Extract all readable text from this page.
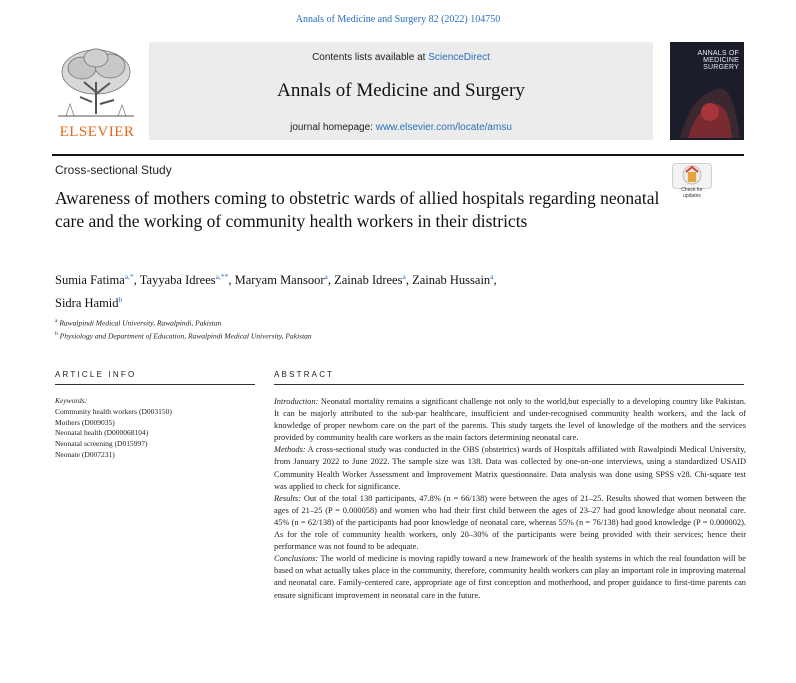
Annals of Medicine and Surgery 82 (2022) 104750
ELSEVIER
Contents lists available at ScienceDirect
Annals of Medicine and Surgery
journal homepage: www.elsevier.com/locate/amsu
ANNALS OF MEDICINE SURGERY
Cross-sectional Study
Check for updates
Awareness of mothers coming to obstetric wards of allied hospitals regarding neonatal care and the working of community health workers in their districts
Sumia Fatima$^{a,*}$, Tayyaba Idrees$^{a,**}$, Maryam Mansoor$^a$, Zainab Idrees$^a$, Zainab Hussain$^a$,
Sidra Hamid$^b$
$^a$ Rawalpindi Medical University, Rawalpindi, Pakistan
$^b$ Physiology and Department of Education, Rawalpindi Medical University, Pakistan
ARTICLE INFO	ABSTRACT
Keywords:
Community health workers (D003150)
Mothers (D009035)
Neonatal health (D000068104)
Neonatal screening (D015997)
Neonate (D007231)

Introduction: Neonatal mortality remains a significant challenge not only to the world,but especially to a developing country like Pakistan. It can be majorly attributed to the sub-par healthcare, insufficient and under-recognised community health workers, and the lack of knowledge of proper newborn care on the part of the parents. This study targets the level of knowledge of the mothers and the services provided by community health care workers as the main factors determining neonatal care.

Methods: A cross-sectional study was conducted in the OBS (obstetrics) wards of Hospitals affiliated with Rawalpindi Medical University, from January 2022 to June 2022. The sample size was 138. Data was collected by one-on-one interviews, using a standardized USAID Community Health Worker Assessment and Improvement Matrix questionnaire. Data analysis was done using SPSS v28. Chi-square test was applied to check for significance.

Results: Out of the total 138 participants, 47.8% (n = 66/138) were between the ages of 21–25. Results showed that women between the ages of 21–25 (P = 0.000058) and women who had their first child between the ages of 23–27 had good knowledge about neonatal care. 45% (n = 62/138) of the participants had poor knowledge of neonatal care, whereas 55% (n = 76/138) had good knowledge (P = 0.000002). As for the role of community health workers, only 20–30% of the participants were being provided with their services; hence their performance was not found to be adequate.

Conclusions: The world of medicine is moving rapidly toward a new framework of the health systems in which the real foundation will be based on what actually takes place in the community, therefore, community health workers can play an important role in improving maternal and neonatal care. Family-centered care, appropriate age of first conception and motherhood, and proper guidance to first-time parents can ensure significant improvement in neonatal care in the future.
